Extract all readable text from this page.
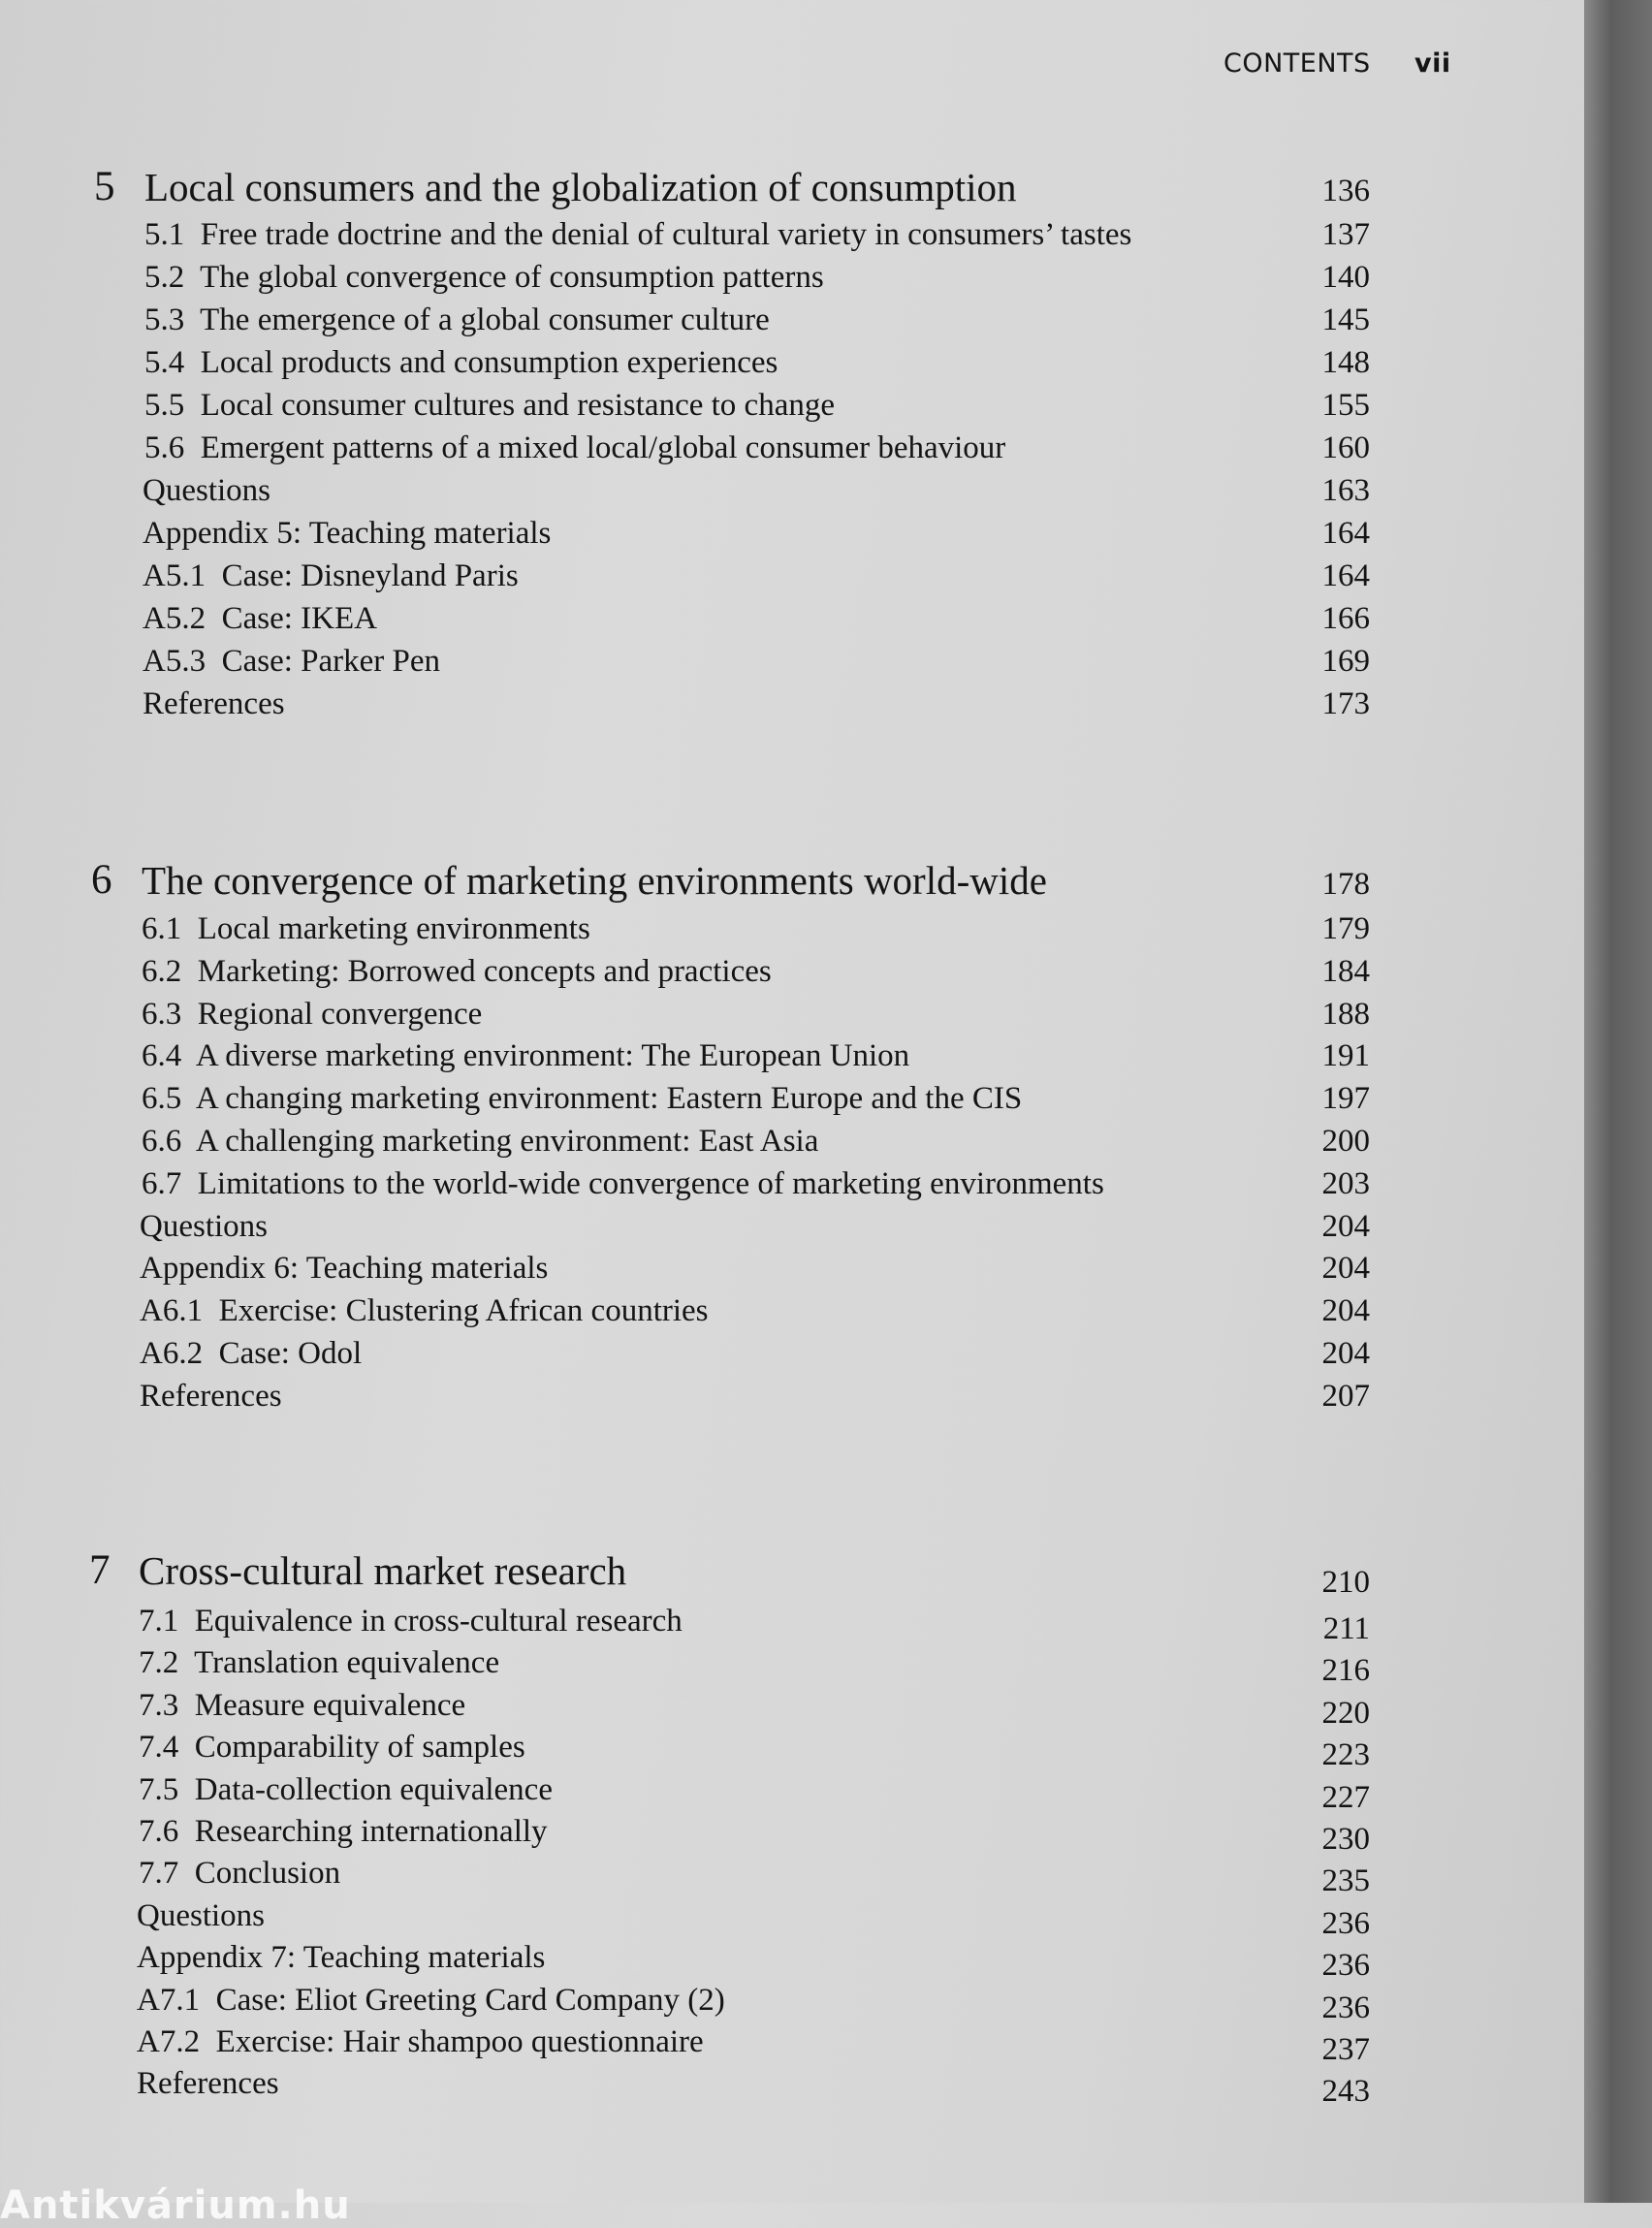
CONTENTS vii
5 Local consumers and the globalization of consumption	136
5.1  Free trade doctrine and the denial of cultural variety in consumers’ tastes	137
5.2  The global convergence of consumption patterns	140
5.3  The emergence of a global consumer culture	145
5.4  Local products and consumption experiences	148
5.5  Local consumer cultures and resistance to change	155
5.6  Emergent patterns of a mixed local/global consumer behaviour	160
Questions	163
Appendix 5: Teaching materials	164
A5.1  Case: Disneyland Paris	164
A5.2  Case: IKEA	166
A5.3  Case: Parker Pen	169
References	173
6 The convergence of marketing environments world-wide	178
6.1  Local marketing environments	179
6.2  Marketing: Borrowed concepts and practices	184
6.3  Regional convergence	188
6.4  A diverse marketing environment: The European Union	191
6.5  A changing marketing environment: Eastern Europe and the CIS	197
6.6  A challenging marketing environment: East Asia	200
6.7  Limitations to the world-wide convergence of marketing environments	203
Questions	204
Appendix 6: Teaching materials	204
A6.1  Exercise: Clustering African countries	204
A6.2  Case: Odol	204
References	207
7 Cross-cultural market research	210
7.1  Equivalence in cross-cultural research	211
7.2  Translation equivalence	216
7.3  Measure equivalence	220
7.4  Comparability of samples	223
7.5  Data-collection equivalence	227
7.6  Researching internationally	230
7.7  Conclusion	235
Questions	236
Appendix 7: Teaching materials	236
A7.1  Case: Eliot Greeting Card Company (2)	236
A7.2  Exercise: Hair shampoo questionnaire	237
References	243
Antikvárium.hu
